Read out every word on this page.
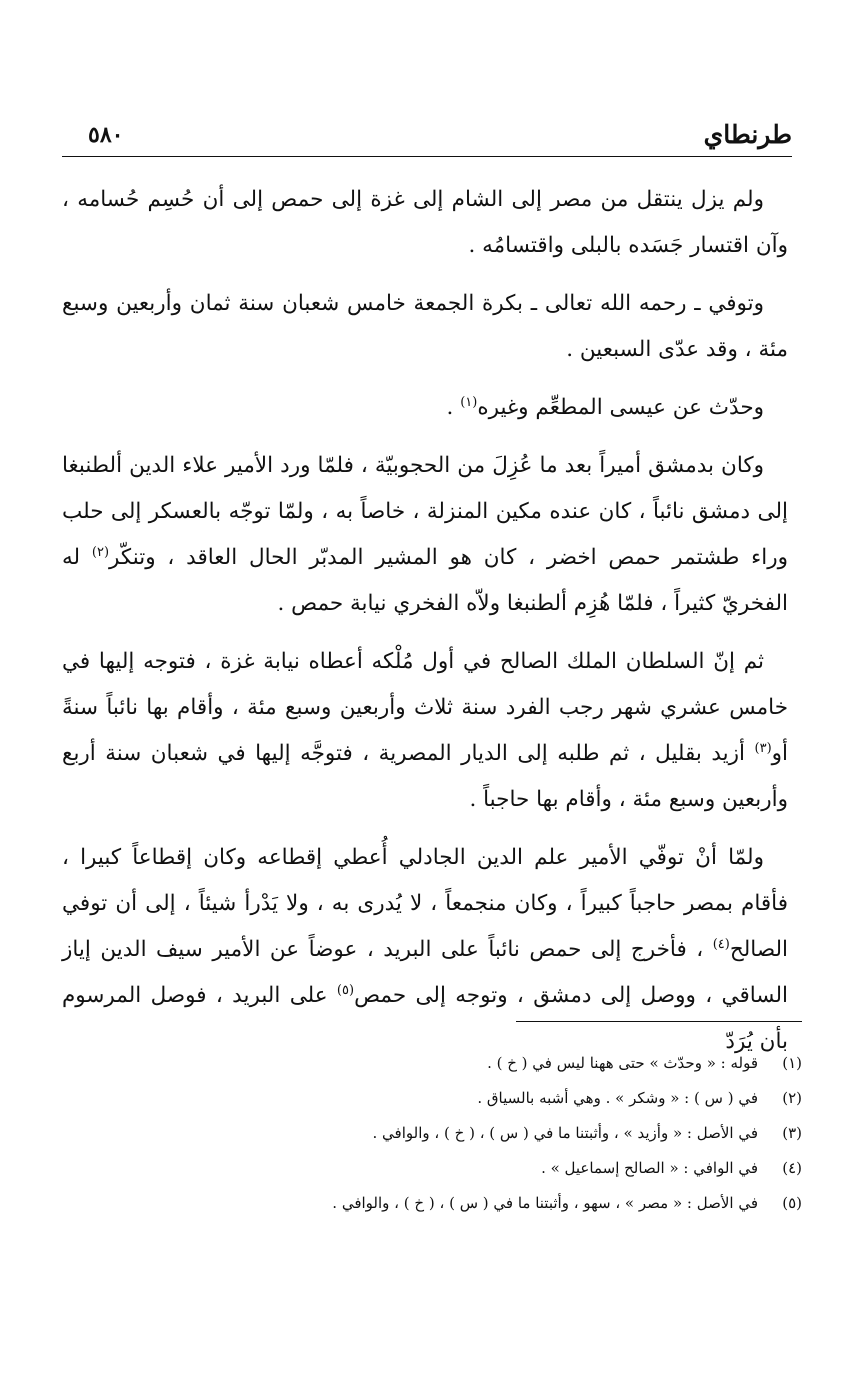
طرنطاي
٥٨٠

ولم يزل ينتقل من مصر إلى الشام إلى غزة إلى حمص إلى أن حُسِم حُسامه ، وآن اقتسار جَسَده بالبلى واقتسامُه .

وتوفي ـ رحمه الله تعالى ـ بكرة الجمعة خامس شعبان سنة ثمان وأربعين وسبع مئة ، وقد عدّى السبعين .

وحدّث عن عيسى المطعِّم وغيره$^{(١)}$ .

وكان بدمشق أميراً بعد ما عُزِلَ من الحجوبيّة ، فلمّا ورد الأمير علاء الدين ألطنبغا إلى دمشق نائباً ، كان عنده مكين المنزلة ، خاصاً به ، ولمّا توجّه بالعسكر إلى حلب وراء طشتمر حمص اخضر ، كان هو المشير المدبّر الحال العاقد ، وتنكّر$^{(٢)}$ له الفخريّ كثيراً ، فلمّا هُزِم ألطنبغا ولاّه الفخري نيابة حمص .

ثم إنّ السلطان الملك الصالح في أول مُلْكه أعطاه نيابة غزة ، فتوجه إليها في خامس عشري شهر رجب الفرد سنة ثلاث وأربعين وسبع مئة ، وأقام بها نائباً سنةً أو$^{(٣)}$ أزيد بقليل ، ثم طلبه إلى الديار المصرية ، فتوجَّه إليها في شعبان سنة أربع وأربعين وسبع مئة ، وأقام بها حاجباً .

ولمّا أنْ توفّي الأمير علم الدين الجادلي أُعطي إقطاعه وكان إقطاعاً كبيرا ، فأقام بمصر حاجباً كبيراً ، وكان منجمعاً ، لا يُدرى به ، ولا يَدْرأ شيئاً ، إلى أن توفي الصالح$^{(٤)}$ ، فأخرج إلى حمص نائباً على البريد ، عوضاً عن الأمير سيف الدين إياز الساقي ، ووصل إلى دمشق ، وتوجه إلى حمص$^{(٥)}$ على البريد ، فوصل المرسوم بأن يُرَدّ

(١)قوله : « وحدّث » حتى ههنا ليس في ( خ ) .
(٢)في ( س ) : « وشكر » . وهي أشبه بالسياق .
(٣)في الأصل : « وأزيد » ، وأثبتنا ما في ( س ) ، ( خ ) ، والوافي .
(٤)في الوافي : « الصالح إسماعيل » .
(٥)في الأصل : « مصر » ، سهو ، وأثبتنا ما في ( س ) ، ( خ ) ، والوافي .
